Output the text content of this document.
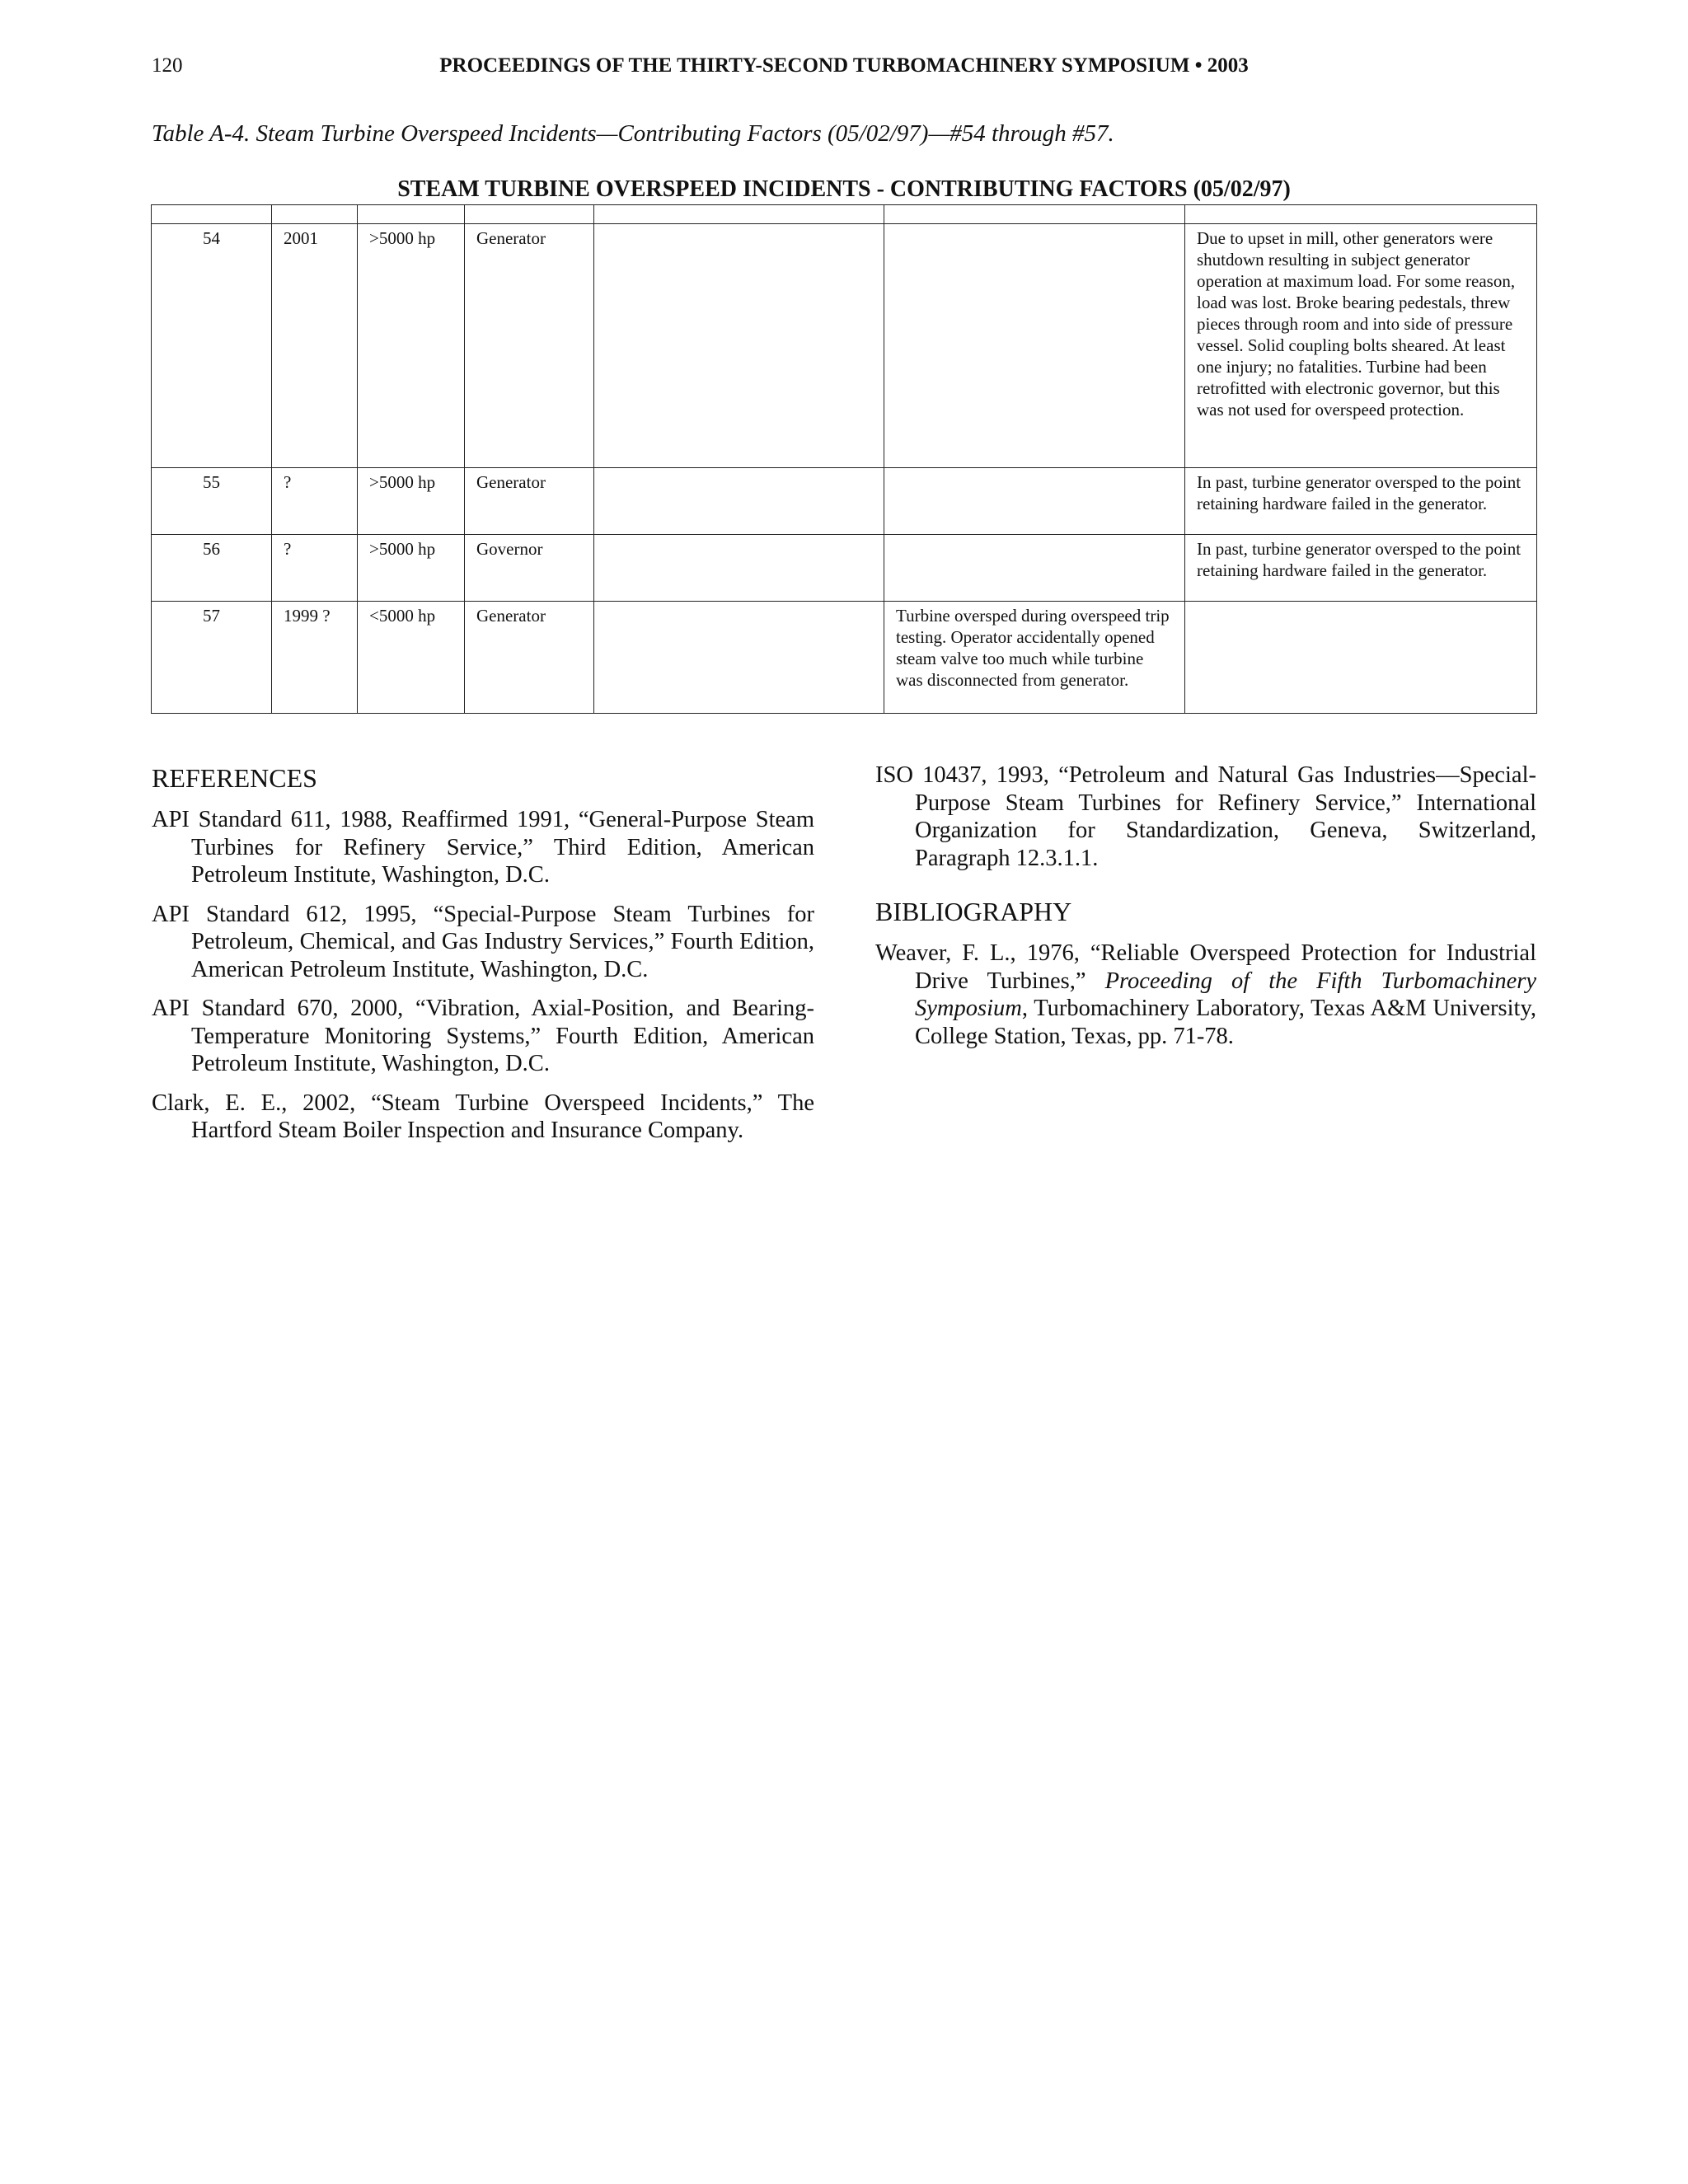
120	PROCEEDINGS OF THE THIRTY-SECOND TURBOMACHINERY SYMPOSIUM • 2003
Table A-4. Steam Turbine Overspeed Incidents—Contributing Factors (05/02/97)—#54 through #57.
STEAM TURBINE OVERSPEED INCIDENTS - CONTRIBUTING FACTORS (05/02/97)

54	2001	>5000 hp	Generator			Due to upset in mill, other generators were shutdown resulting in subject generator operation at maximum load. For some reason, load was lost. Broke bearing pedestals, threw pieces through room and into side of pressure vessel. Solid coupling bolts sheared. At least one injury; no fatalities. Turbine had been retrofitted with electronic governor, but this was not used for overspeed protection.
55	?	>5000 hp	Generator			In past, turbine generator oversped to the point retaining hardware failed in the generator.
56	?	>5000 hp	Governor			In past, turbine generator oversped to the point retaining hardware failed in the generator.
57	1999 ?	<5000 hp	Generator		Turbine oversped during overspeed trip testing. Operator accidentally opened steam valve too much while turbine was disconnected from generator.	
REFERENCES

API Standard 611, 1988, Reaffirmed 1991, “General-Purpose Steam Turbines for Refinery Service,” Third Edition, American Petroleum Institute, Washington, D.C.

API Standard 612, 1995, “Special-Purpose Steam Turbines for Petroleum, Chemical, and Gas Industry Services,” Fourth Edition, American Petroleum Institute, Washington, D.C.

API Standard 670, 2000, “Vibration, Axial-Position, and Bearing-Temperature Monitoring Systems,” Fourth Edition, American Petroleum Institute, Washington, D.C.

Clark, E. E., 2002, “Steam Turbine Overspeed Incidents,” The Hartford Steam Boiler Inspection and Insurance Company.

ISO 10437, 1993, “Petroleum and Natural Gas Industries—Special-Purpose Steam Turbines for Refinery Service,” International Organization for Standardization, Geneva, Switzerland, Paragraph 12.3.1.1.

BIBLIOGRAPHY

Weaver, F. L., 1976, “Reliable Overspeed Protection for Industrial Drive Turbines,” Proceeding of the Fifth Turbomachinery Symposium, Turbomachinery Laboratory, Texas A&M University, College Station, Texas, pp. 71-78.
